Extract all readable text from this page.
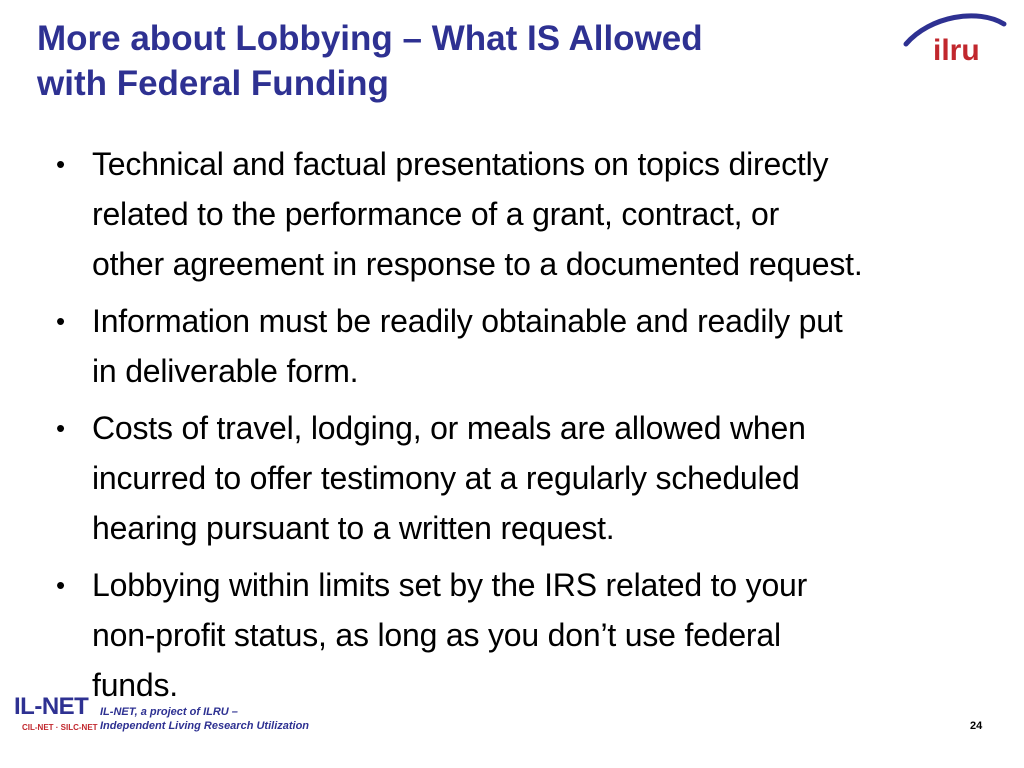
More about Lobbying – What IS Allowed
with Federal Funding
ilru
• Technical and factual presentations on topics directly
related to the performance of a grant, contract, or
other agreement in response to a documented request.
• Information must be readily obtainable and readily put
in deliverable form.
• Costs of travel, lodging, or meals are allowed when
incurred to offer testimony at a regularly scheduled
hearing pursuant to a written request.
• Lobbying within limits set by the IRS related to your
non-profit status, as long as you don’t use federal
funds.
IL-NET
CIL-NET · SILC-NET
IL-NET, a project of ILRU –
Independent Living Research Utilization	24
